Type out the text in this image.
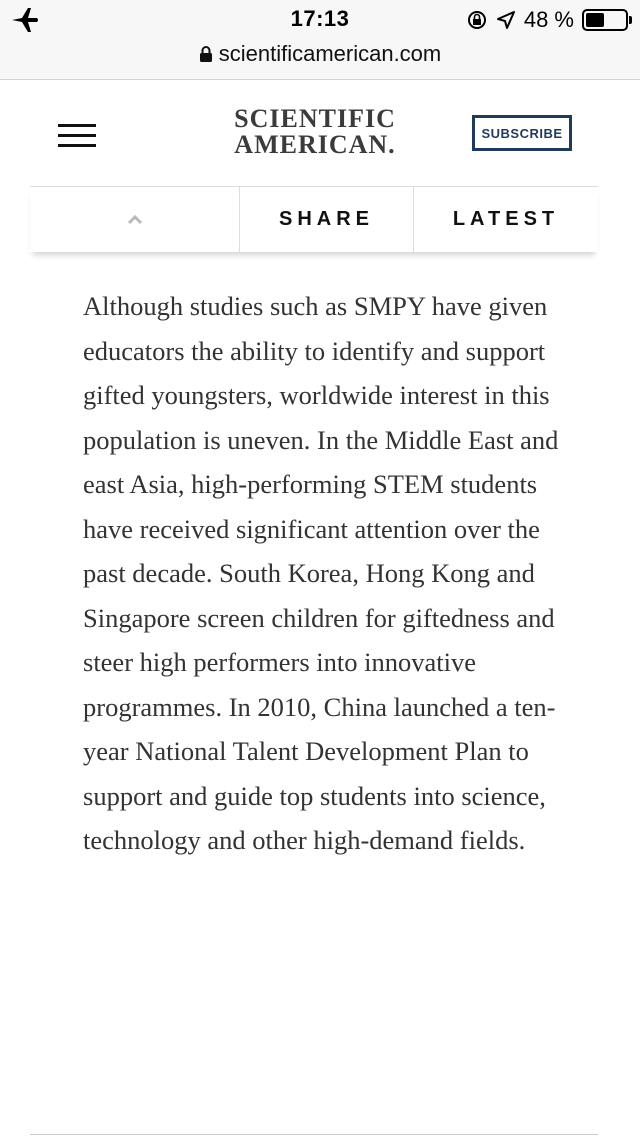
17:13	48 %
scientificamerican.com
SCIENTIFIC
AMERICAN.	SUBSCRIBE
SHARE	LATEST

Although studies such as SMPY have given educators the ability to identify and support gifted youngsters, worldwide interest in this population is uneven. In the Middle East and east Asia, high-performing STEM students have received significant attention over the past decade. South Korea, Hong Kong and Singapore screen children for giftedness and steer high performers into innovative programmes. In 2010, China launched a ten-year National Talent Development Plan to support and guide top students into science, technology and other high-demand fields.
